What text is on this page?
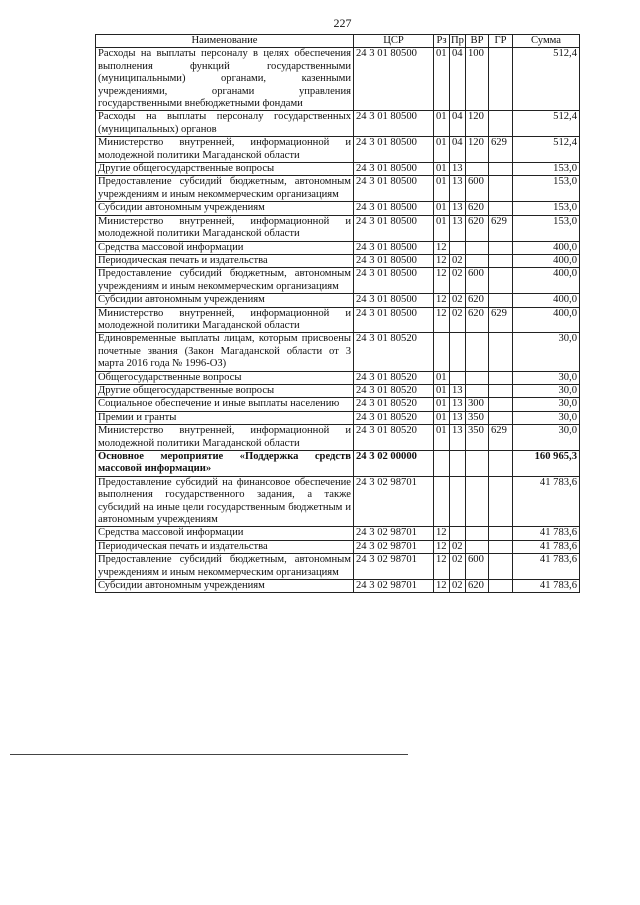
227
Наименование	ЦСР	Рз	Пр	ВР	ГР	Сумма
Расходы на выплаты персоналу в целях обеспечения выполнения функций государственными (муниципальными) органами, казенными учреждениями, органами управления государственными внебюджетными фондами	24 3 01 80500	01	04	100		512,4
Расходы на выплаты персоналу государственных (муниципальных) органов	24 3 01 80500	01	04	120		512,4
Министерство внутренней, информационной и молодежной политики Магаданской области	24 3 01 80500	01	04	120	629	512,4
Другие общегосударственные вопросы	24 3 01 80500	01	13			153,0
Предоставление субсидий бюджетным, автономным учреждениям и иным некоммерческим организациям	24 3 01 80500	01	13	600		153,0
Субсидии автономным учреждениям	24 3 01 80500	01	13	620		153,0
Министерство внутренней, информационной и молодежной политики Магаданской области	24 3 01 80500	01	13	620	629	153,0
Средства массовой информации	24 3 01 80500	12				400,0
Периодическая печать и издательства	24 3 01 80500	12	02			400,0
Предоставление субсидий бюджетным, автономным учреждениям и иным некоммерческим организациям	24 3 01 80500	12	02	600		400,0
Субсидии автономным учреждениям	24 3 01 80500	12	02	620		400,0
Министерство внутренней, информационной и молодежной политики Магаданской области	24 3 01 80500	12	02	620	629	400,0
Единовременные выплаты лицам, которым присвоены почетные звания (Закон Магаданской области от 3 марта 2016 года № 1996-ОЗ)	24 3 01 80520					30,0
Общегосударственные вопросы	24 3 01 80520	01				30,0
Другие общегосударственные вопросы	24 3 01 80520	01	13			30,0
Социальное обеспечение и иные выплаты населению	24 3 01 80520	01	13	300		30,0
Премии и гранты	24 3 01 80520	01	13	350		30,0
Министерство внутренней, информационной и молодежной политики Магаданской области	24 3 01 80520	01	13	350	629	30,0
Основное мероприятие «Поддержка средств массовой информации»	24 3 02 00000					160 965,3
Предоставление субсидий на финансовое обеспечение выполнения государственного задания, а также субсидий на иные цели государственным бюджетным и автономным учреждениям	24 3 02 98701					41 783,6
Средства массовой информации	24 3 02 98701	12				41 783,6
Периодическая печать и издательства	24 3 02 98701	12	02			41 783,6
Предоставление субсидий бюджетным, автономным учреждениям и иным некоммерческим организациям	24 3 02 98701	12	02	600		41 783,6
Субсидии автономным учреждениям	24 3 02 98701	12	02	620		41 783,6
